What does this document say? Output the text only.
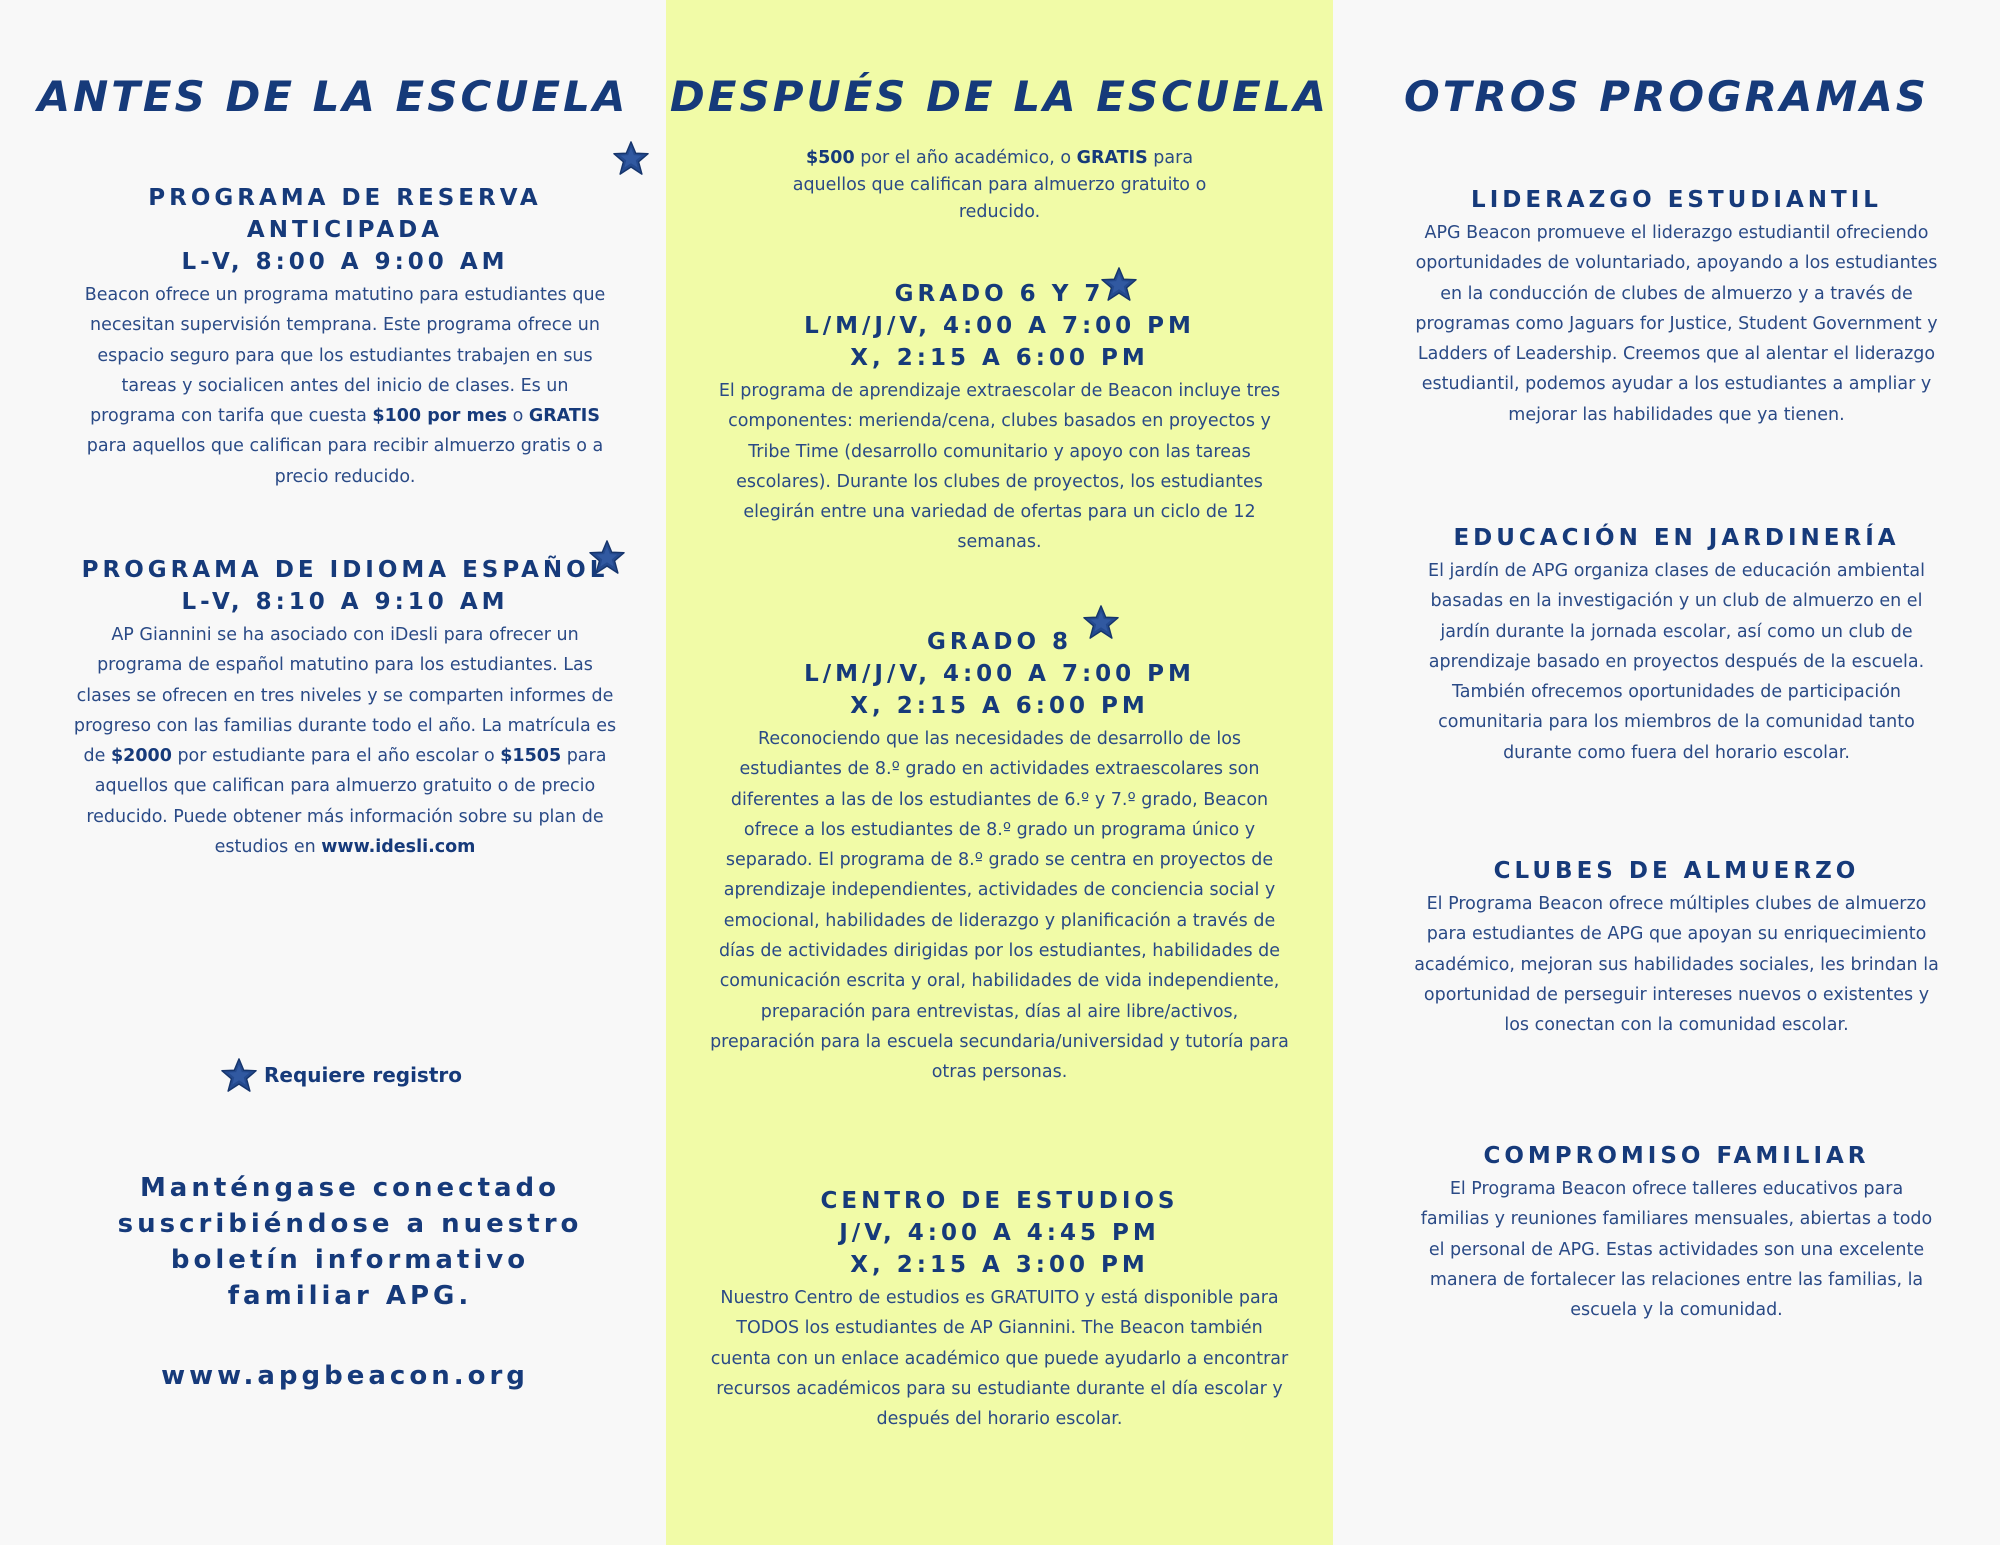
ANTES DE LA ESCUELA

PROGRAMA DE RESERVA ANTICIPADA

L-V, 8:00 A 9:00 AM

Beacon ofrece un programa matutino para estudiantes que necesitan supervisión temprana. Este programa ofrece un espacio seguro para que los estudiantes trabajen en sus tareas y socialicen antes del inicio de clases. Es un programa con tarifa que cuesta $100 por mes o GRATIS para aquellos que califican para recibir almuerzo gratis o a precio reducido.

PROGRAMA DE IDIOMA ESPAÑOL

L-V, 8:10 A 9:10 AM

AP Giannini se ha asociado con iDesli para ofrecer un programa de español matutino para los estudiantes. Las clases se ofrecen en tres niveles y se comparten informes de progreso con las familias durante todo el año. La matrícula es de $2000 por estudiante para el año escolar o $1505 para aquellos que califican para almuerzo gratuito o de precio reducido. Puede obtener más información sobre su plan de estudios en www.idesli.com

Requiere registro

Manténgase conectado suscribiéndose a nuestro boletín informativo familiar APG.

www.apgbeacon.org

DESPUÉS DE LA ESCUELA

$500 por el año académico, o GRATIS para aquellos que califican para almuerzo gratuito o reducido.

GRADO 6 Y 7

L/M/J/V, 4:00 A 7:00 PM

X, 2:15 A 6:00 PM

El programa de aprendizaje extraescolar de Beacon incluye tres componentes: merienda/cena, clubes basados en proyectos y Tribe Time (desarrollo comunitario y apoyo con las tareas escolares). Durante los clubes de proyectos, los estudiantes elegirán entre una variedad de ofertas para un ciclo de 12 semanas.

GRADO 8

L/M/J/V, 4:00 A 7:00 PM

X, 2:15 A 6:00 PM

Reconociendo que las necesidades de desarrollo de los estudiantes de 8.º grado en actividades extraescolares son diferentes a las de los estudiantes de 6.º y 7.º grado, Beacon ofrece a los estudiantes de 8.º grado un programa único y separado. El programa de 8.º grado se centra en proyectos de aprendizaje independientes, actividades de conciencia social y emocional, habilidades de liderazgo y planificación a través de días de actividades dirigidas por los estudiantes, habilidades de comunicación escrita y oral, habilidades de vida independiente, preparación para entrevistas, días al aire libre/activos, preparación para la escuela secundaria/universidad y tutoría para otras personas.

CENTRO DE ESTUDIOS

J/V, 4:00 A 4:45 PM

X, 2:15 A 3:00 PM

Nuestro Centro de estudios es GRATUITO y está disponible para TODOS los estudiantes de AP Giannini. The Beacon también cuenta con un enlace académico que puede ayudarlo a encontrar recursos académicos para su estudiante durante el día escolar y después del horario escolar.

OTROS PROGRAMAS

LIDERAZGO ESTUDIANTIL

APG Beacon promueve el liderazgo estudiantil ofreciendo oportunidades de voluntariado, apoyando a los estudiantes en la conducción de clubes de almuerzo y a través de programas como Jaguars for Justice, Student Government y Ladders of Leadership. Creemos que al alentar el liderazgo estudiantil, podemos ayudar a los estudiantes a ampliar y mejorar las habilidades que ya tienen.

EDUCACIÓN EN JARDINERÍA

El jardín de APG organiza clases de educación ambiental basadas en la investigación y un club de almuerzo en el jardín durante la jornada escolar, así como un club de aprendizaje basado en proyectos después de la escuela. También ofrecemos oportunidades de participación comunitaria para los miembros de la comunidad tanto durante como fuera del horario escolar.

CLUBES DE ALMUERZO

El Programa Beacon ofrece múltiples clubes de almuerzo para estudiantes de APG que apoyan su enriquecimiento académico, mejoran sus habilidades sociales, les brindan la oportunidad de perseguir intereses nuevos o existentes y los conectan con la comunidad escolar.

COMPROMISO FAMILIAR

El Programa Beacon ofrece talleres educativos para familias y reuniones familiares mensuales, abiertas a todo el personal de APG. Estas actividades son una excelente manera de fortalecer las relaciones entre las familias, la escuela y la comunidad.
